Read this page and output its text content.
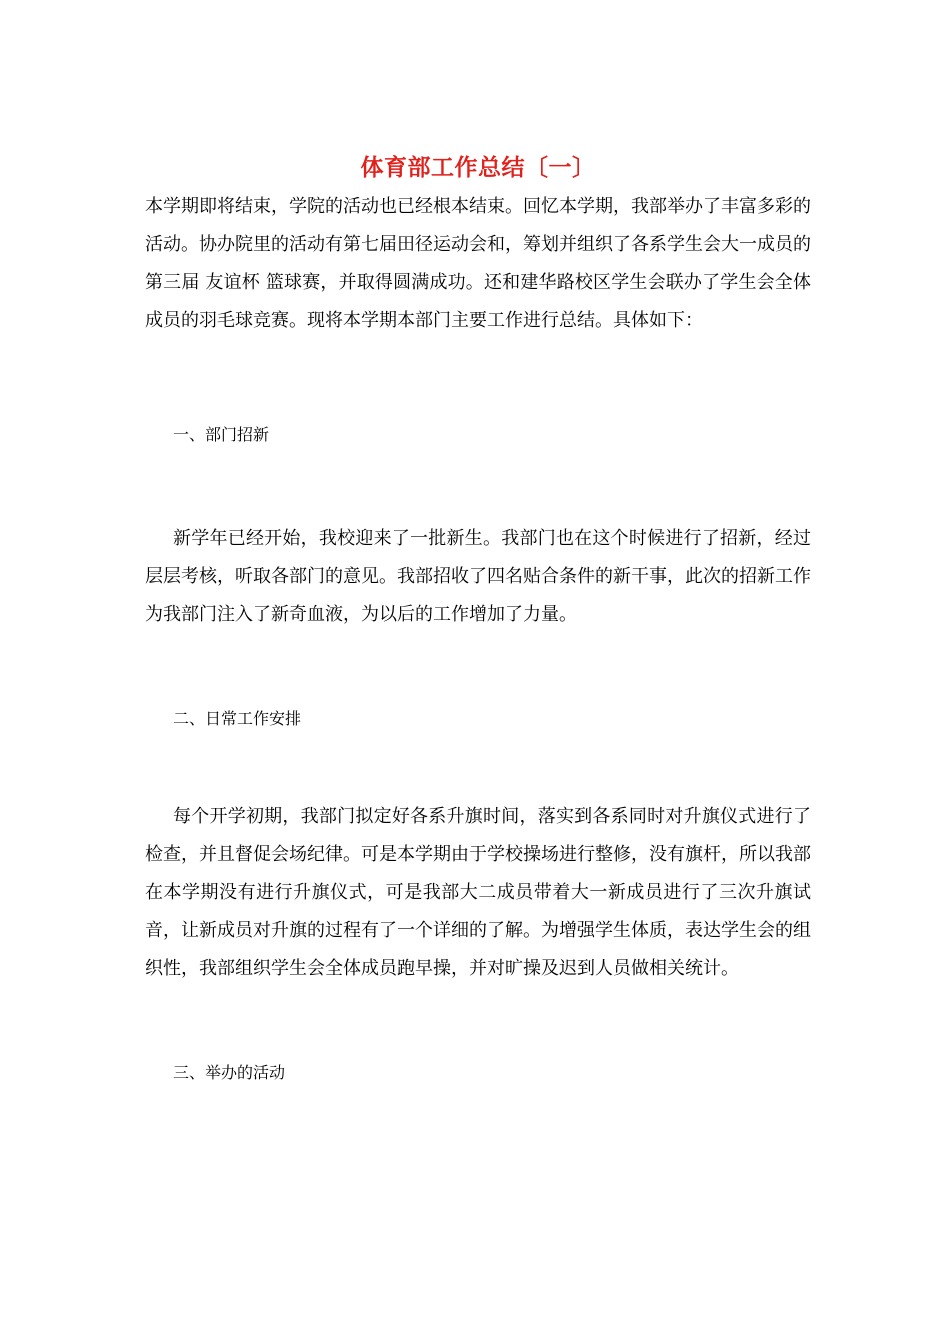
体育部工作总结〔一〕

本学期即将结束，学院的活动也已经根本结束。回忆本学期，我部举办了丰富多彩的活动。协办院里的活动有第七届田径运动会和，筹划并组织了各系学生会大一成员的第三届 友谊杯 篮球赛，并取得圆满成功。还和建华路校区学生会联办了学生会全体成员的羽毛球竞赛。现将本学期本部门主要工作进行总结。具体如下：

一、部门招新

新学年已经开始，我校迎来了一批新生。我部门也在这个时候进行了招新，经过层层考核，听取各部门的意见。我部招收了四名贴合条件的新干事，此次的招新工作为我部门注入了新奇血液，为以后的工作增加了力量。

二、日常工作安排

每个开学初期，我部门拟定好各系升旗时间，落实到各系同时对升旗仪式进行了检查，并且督促会场纪律。可是本学期由于学校操场进行整修，没有旗杆，所以我部在本学期没有进行升旗仪式，可是我部大二成员带着大一新成员进行了三次升旗试音，让新成员对升旗的过程有了一个详细的了解。为增强学生体质，表达学生会的组织性，我部组织学生会全体成员跑早操，并对旷操及迟到人员做相关统计。

三、举办的活动
